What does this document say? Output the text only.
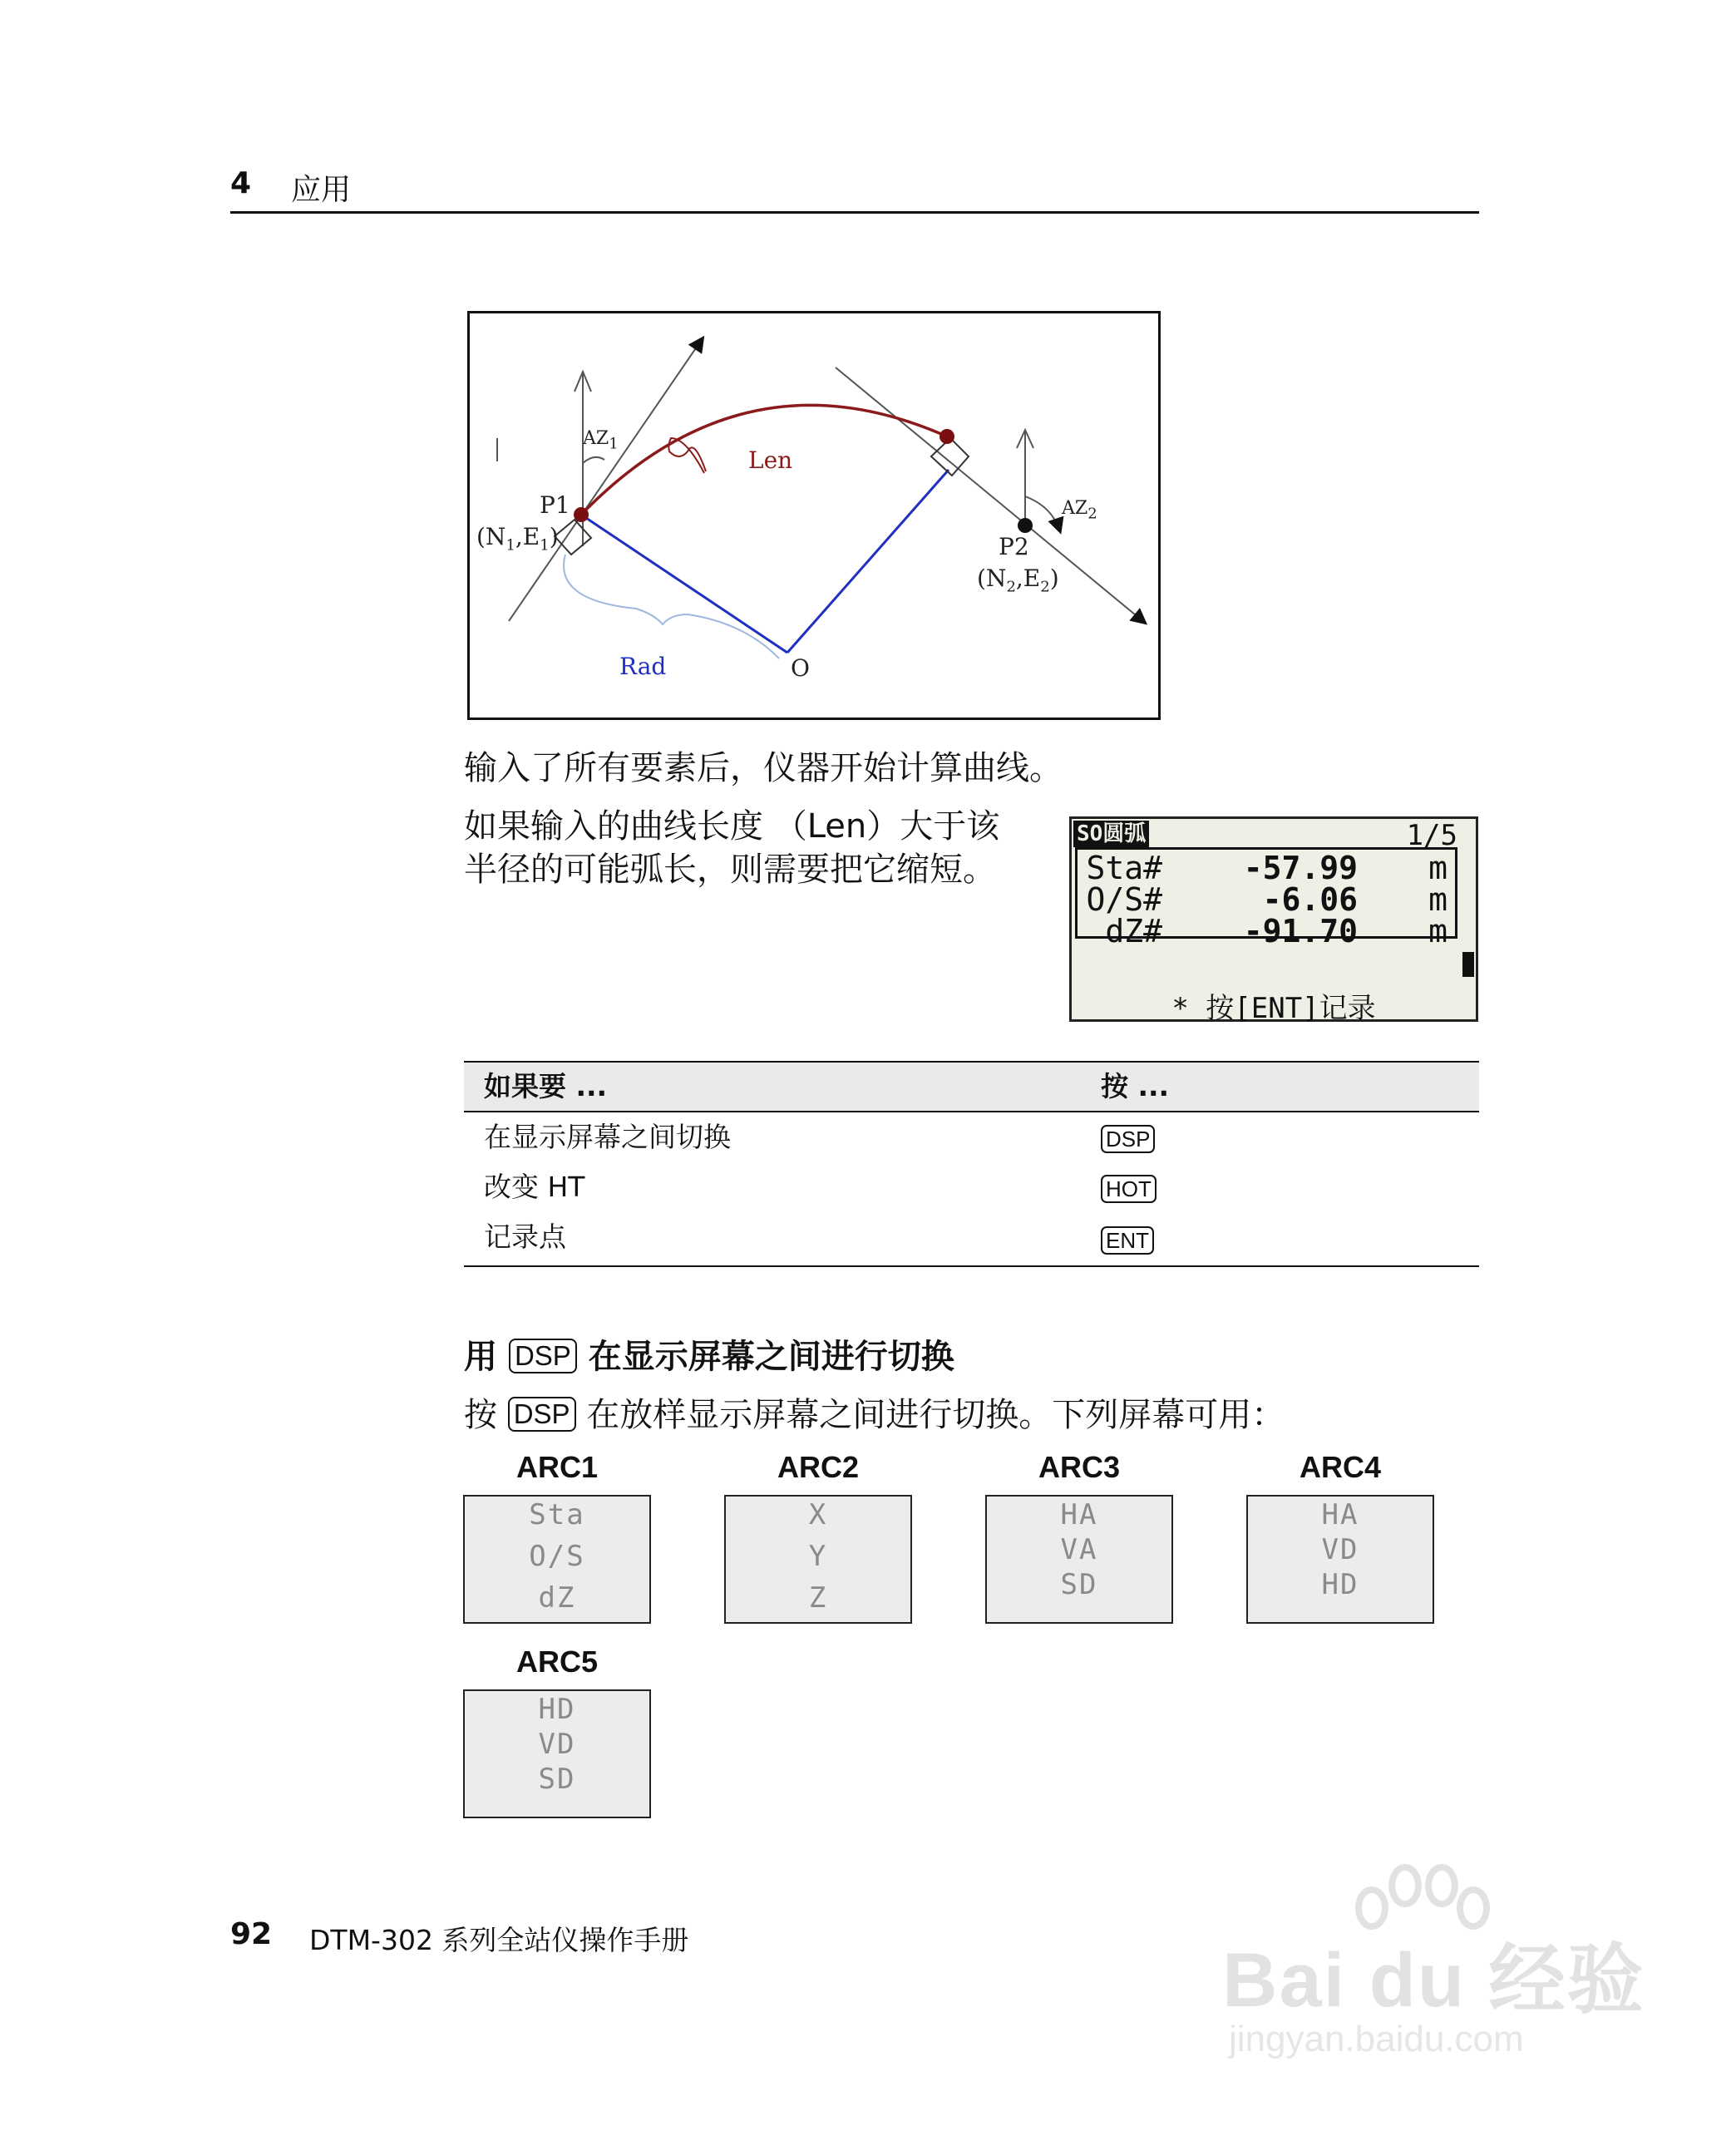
4 应用
$AZ_1$
Len
P1
$(N_1,E_1)$
$AZ_2$
P2
$(N_2,E_2)$
Rad	O
输入了所有要素后，仪器开始计算曲线。
如果输入的曲线长度 （Len）大于该
半径的可能弧长，则需要把它缩短。
SO圆弧	1/5
Sta#	-57.99 m
O/S#	-6.06 m
dZ#	-91.70 m
* 按[ENT]记录
如果要 ...	按 ...
在显示屏幕之间切换	DSP
改变 HT	HOT
记录点	ENT
用 DSP 在显示屏幕之间进行切换
按 DSP 在放样显示屏幕之间进行切换。下列屏幕可用：
ARC1
Sta
O/S
dZ
ARC2
X
Y
Z
ARC3
HA
VA
SD
ARC4
HA
VD
HD
ARC5
HD
VD
SD
92 DTM-302 系列全站仪操作手册	Bai du 经验
jingyan.baidu.com
